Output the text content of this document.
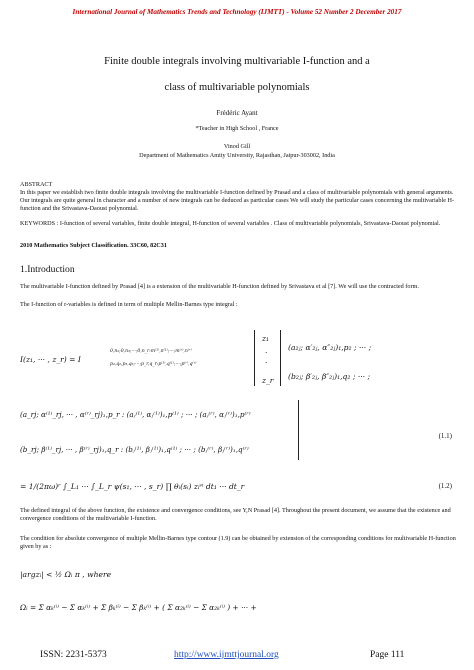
International Journal of Mathematics Trends and Technology (IJMTT) - Volume 52 Number 2 December 2017
Finite double integrals involving multivariable I-function and a
class of multivariable polynomials
Frédéric Ayant
*Teacher in High School , France
Vinod Gill
Department of Mathematics Amity University, Rajasthan, Jaipur-303002, India
ABSTRACT
In this paper we establish two finite double integrals involving the multivariable I-function defined by Prasad and a class of multivariable polynomials with general arguments. Our integrals are quite general in character and a number of new integrals can be deduced as particular cases We will study the particular cases concerning the multivariable H-function and the Srivastava-Daoust polynomial.
KEYWORDS : I-function of several variables, finite double integral, H-function of several variables . Class of multivariable polynomials, Srivastava-Daoust polynomial.
2010 Mathematics Subject Classification. 33C60, 82C31
1.Introduction
The multivariable I-function defined by Prasad [4] is a extension of the multivariable H-function defined by Srivastava et al [7]. We will use the contracted form.
The I-function of r-variables is defined in term of multiple Mellin-Barnes type integral :
I(z₁, ··· , z_r) = I
0,n₂;0,n₃;···;0,n_r:m⁽¹⁾,n⁽¹⁾;···;m⁽ʳ⁾,n⁽ʳ⁾
p₂,q₂,p₃,q₃;···;p_r,q_r:p⁽¹⁾,q⁽¹⁾;···;p⁽ʳ⁾,q⁽ʳ⁾
z₁
·
·
z_r
(a₂ⱼ; α′₂ⱼ, α″₂ⱼ)₁,p₂ ; ··· ;
(b₂ⱼ; β′₂ⱼ, β″₂ⱼ)₁,q₂ ; ··· ;
(a_rj; α⁽¹⁾_rj, ··· , α⁽ʳ⁾_rj)₁,p_r : (aⱼ⁽¹⁾, αⱼ⁽¹⁾)₁,p⁽¹⁾ ; ··· ; (aⱼ⁽ʳ⁾, αⱼ⁽ʳ⁾)₁,p⁽ʳ⁾
(b_rj; β⁽¹⁾_rj, ··· , β⁽ʳ⁾_rj)₁,q_r : (bⱼ⁽¹⁾, βⱼ⁽¹⁾)₁,q⁽¹⁾ ; ··· ; (bⱼ⁽ʳ⁾, βⱼ⁽ʳ⁾)₁,q⁽ʳ⁾
(1.1)
= 1/(2πω)ʳ ∫_L₁ ··· ∫_L_r ψ(s₁, ··· , s_r) ∏ θᵢ(sᵢ) zᵢˢⁱ dt₁ ··· dt_r	(1.2)
The defined integral of the above function, the existence and convergence conditions, see Y,N Prasad [4]. Throughout the present document, we assume that the existence and convergence conditions of the multivariable I-function.
The condition for absolute convergence of multiple Mellin-Barnes type contour (1.9) can be obtained by extension of the corresponding conditions for multivariable H-function given by as :
|argzᵢ| < ½ Ωᵢ π , where
Ωᵢ = Σ αₖ⁽ⁱ⁾ − Σ αₖ⁽ⁱ⁾ + Σ βₖ⁽ⁱ⁾ − Σ βₖ⁽ⁱ⁾ + ( Σ α₂ₖ⁽ⁱ⁾ − Σ α₂ₖ⁽ⁱ⁾ ) + ··· +
ISSN: 2231-5373	http://www.ijmttjournal.org	Page 111
